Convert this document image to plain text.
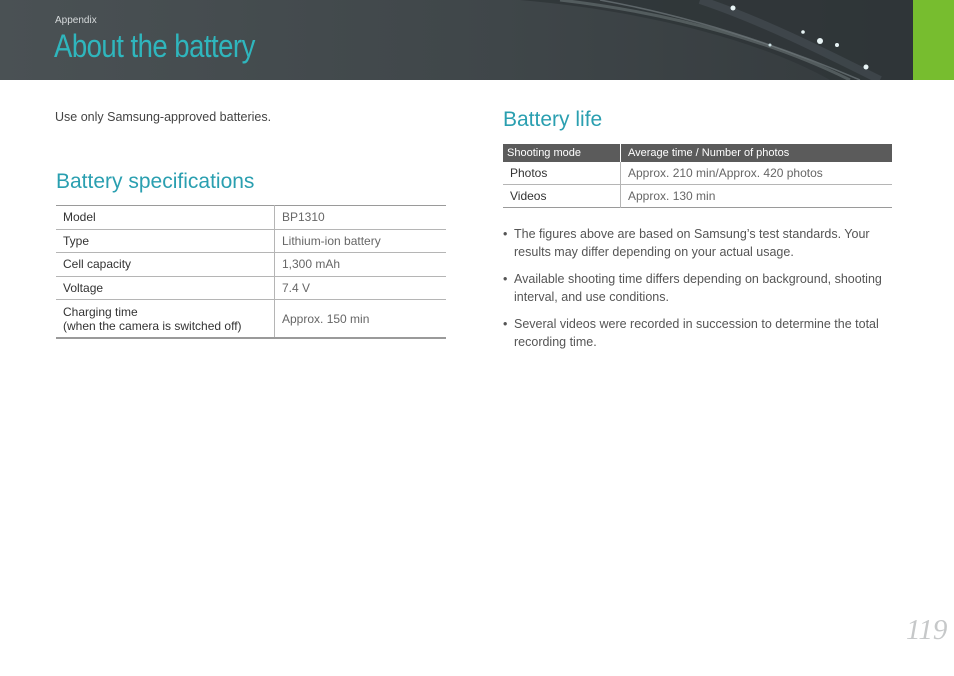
Appendix
About the battery
Use only Samsung-approved batteries.
Battery specifications
Model	BP1310
Type	Lithium-ion battery
Cell capacity	1,300 mAh
Voltage	7.4 V

Charging time
(when the camera is switched off)	Approx. 150 min
Battery life
Shooting mode	Average time / Number of photos
Photos	Approx. 210 min/Approx. 420 photos
Videos	Approx. 130 min
• The figures above are based on Samsung’s test standards. Your results may differ depending on your actual usage.
• Available shooting time differs depending on background, shooting interval, and use conditions.
• Several videos were recorded in succession to determine the total recording time.
119
